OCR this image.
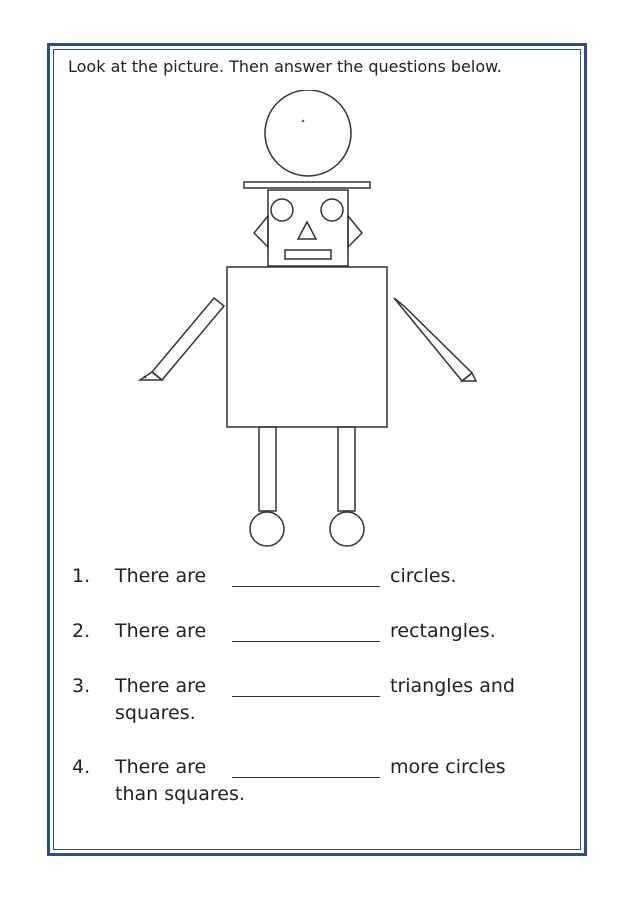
Look at the picture. Then answer the questions below.
1.	There are	circles.
2.	There are	rectangles.
3.	There are	triangles and
squares.
4.	There are	more circles
than squares.
